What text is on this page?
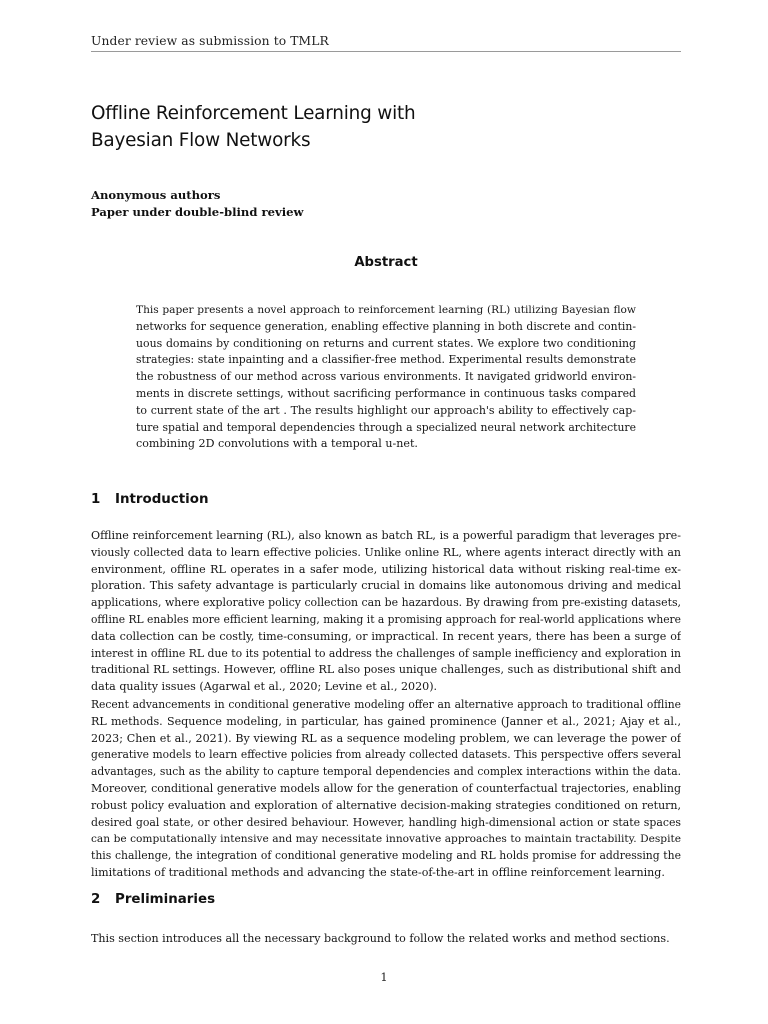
Under review as submission to TMLR
Offline Reinforcement Learning with
Bayesian Flow Networks
Anonymous authors
Paper under double-blind review
Abstract
This paper presents a novel approach to reinforcement learning (RL) utilizing Bayesian flow
networks for sequence generation, enabling effective planning in both discrete and contin-
uous domains by conditioning on returns and current states. We explore two conditioning
strategies: state inpainting and a classifier-free method. Experimental results demonstrate
the robustness of our method across various environments. It navigated gridworld environ-
ments in discrete settings, without sacrificing performance in continuous tasks compared
to current state of the art . The results highlight our approach's ability to effectively cap-
ture spatial and temporal dependencies through a specialized neural network architecture
combining 2D convolutions with a temporal u-net.
1 Introduction
Offline reinforcement learning (RL), also known as batch RL, is a powerful paradigm that leverages pre-
viously collected data to learn effective policies. Unlike online RL, where agents interact directly with an
environment, offline RL operates in a safer mode, utilizing historical data without risking real-time ex-
ploration. This safety advantage is particularly crucial in domains like autonomous driving and medical
applications, where explorative policy collection can be hazardous. By drawing from pre-existing datasets,
offline RL enables more efficient learning, making it a promising approach for real-world applications where
data collection can be costly, time-consuming, or impractical. In recent years, there has been a surge of
interest in offline RL due to its potential to address the challenges of sample inefficiency and exploration in
traditional RL settings. However, offline RL also poses unique challenges, such as distributional shift and
data quality issues (Agarwal et al., 2020; Levine et al., 2020).
Recent advancements in conditional generative modeling offer an alternative approach to traditional offline
RL methods. Sequence modeling, in particular, has gained prominence (Janner et al., 2021; Ajay et al.,
2023; Chen et al., 2021). By viewing RL as a sequence modeling problem, we can leverage the power of
generative models to learn effective policies from already collected datasets. This perspective offers several
advantages, such as the ability to capture temporal dependencies and complex interactions within the data.
Moreover, conditional generative models allow for the generation of counterfactual trajectories, enabling
robust policy evaluation and exploration of alternative decision-making strategies conditioned on return,
desired goal state, or other desired behaviour. However, handling high-dimensional action or state spaces
can be computationally intensive and may necessitate innovative approaches to maintain tractability. Despite
this challenge, the integration of conditional generative modeling and RL holds promise for addressing the
limitations of traditional methods and advancing the state-of-the-art in offline reinforcement learning.
2 Preliminaries
This section introduces all the necessary background to follow the related works and method sections.
1
